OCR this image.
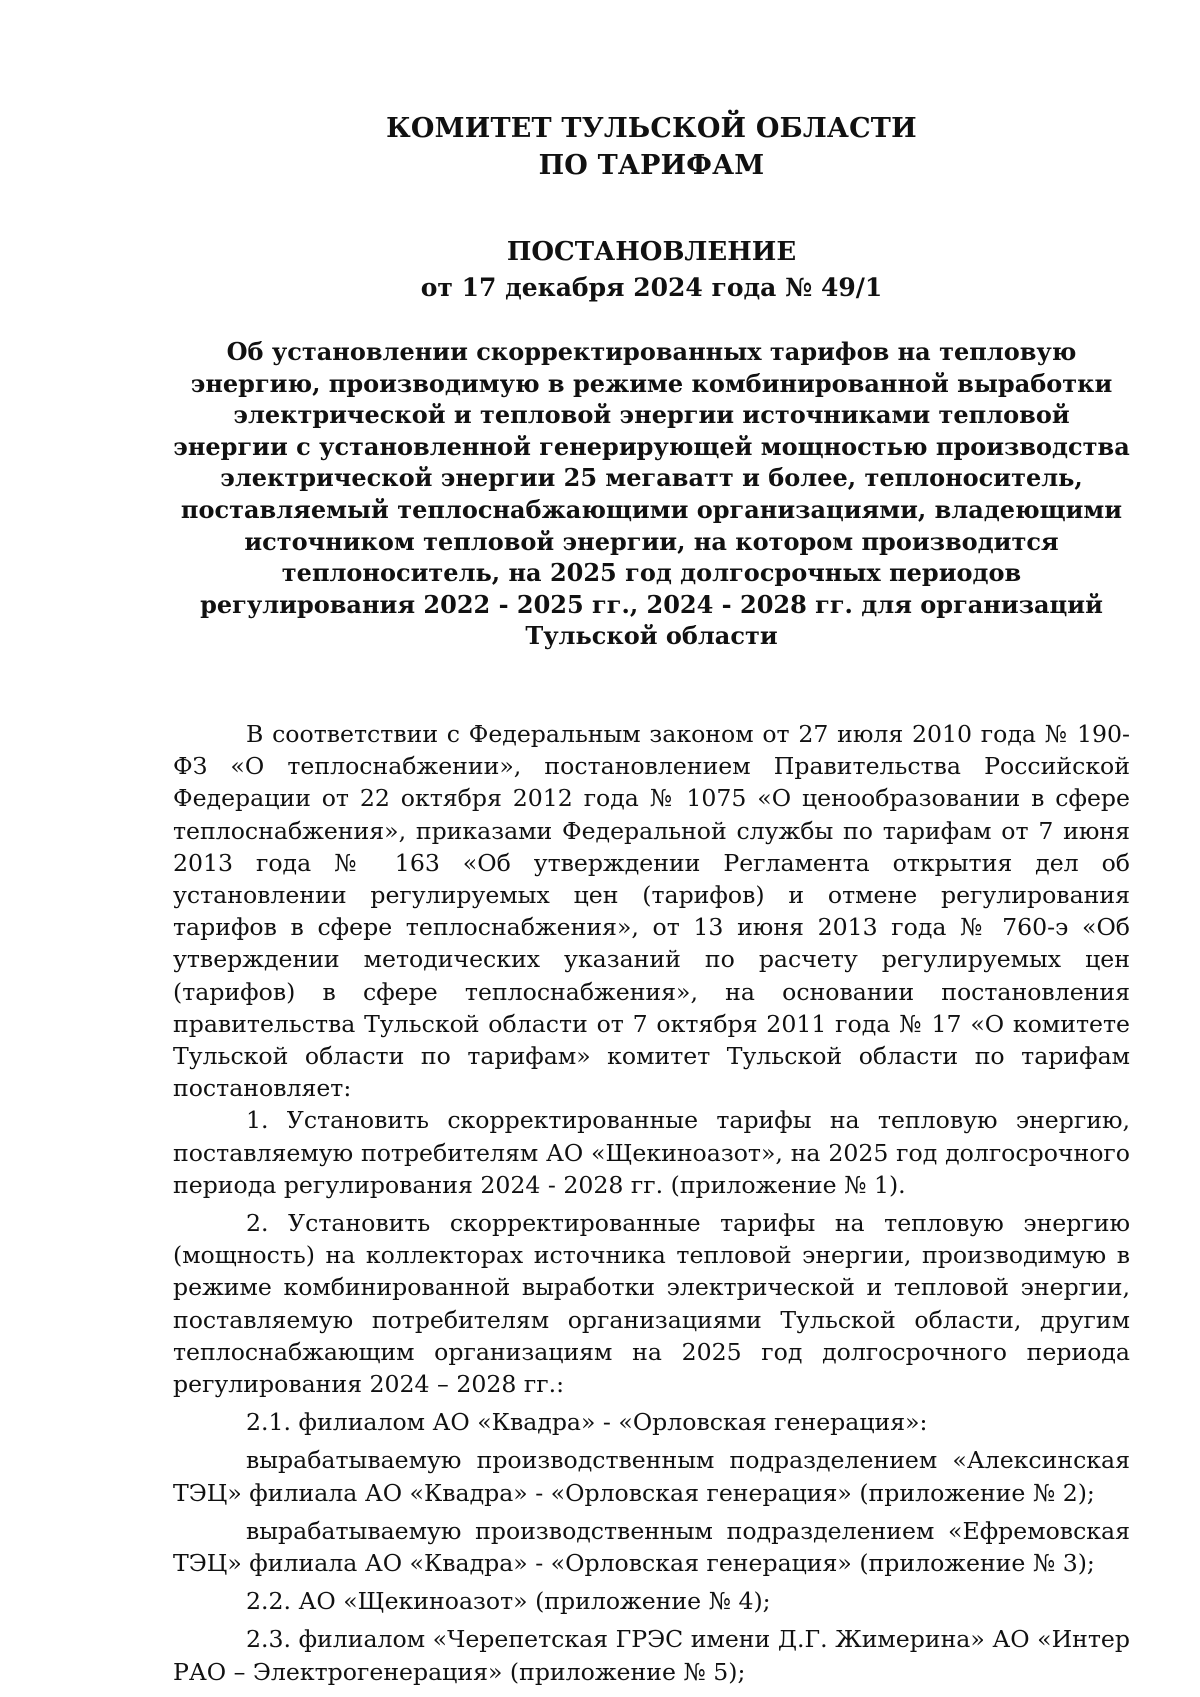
КОМИТЕТ ТУЛЬСКОЙ ОБЛАСТИ
ПО ТАРИФАМ
ПОСТАНОВЛЕНИЕ
от 17 декабря 2024 года № 49/1
Об установлении скорректированных тарифов на тепловую энергию, производимую в режиме комбинированной выработки электрической и тепловой энергии источниками тепловой энергии с установленной генерирующей мощностью производства электрической энергии 25 мегаватт и более, теплоноситель, поставляемый теплоснабжающими организациями, владеющими источником тепловой энергии, на котором производится теплоноситель, на 2025 год долгосрочных периодов регулирования 2022 - 2025 гг., 2024 - 2028 гг. для организаций Тульской области

В соответствии с Федеральным законом от 27 июля 2010 года № 190-ФЗ «О теплоснабжении», постановлением Правительства Российской Федерации от 22 октября 2012 года № 1075 «О ценообразовании в сфере теплоснабжения», приказами Федеральной службы по тарифам от 7 июня 2013 года № 163 «Об утверждении Регламента открытия дел об установлении регулируемых цен (тарифов) и отмене регулирования тарифов в сфере теплоснабжения», от 13 июня 2013 года № 760-э «Об утверждении методических указаний по расчету регулируемых цен (тарифов) в сфере теплоснабжения», на основании постановления правительства Тульской области от 7 октября 2011 года № 17 «О комитете Тульской области по тарифам» комитет Тульской области по тарифам постановляет:

1. Установить скорректированные тарифы на тепловую энергию, поставляемую потребителям АО «Щекиноазот», на 2025 год долгосрочного периода регулирования 2024 - 2028 гг. (приложение № 1).

2. Установить скорректированные тарифы на тепловую энергию (мощность) на коллекторах источника тепловой энергии, производимую в режиме комбинированной выработки электрической и тепловой энергии, поставляемую потребителям организациями Тульской области, другим теплоснабжающим организациям на 2025 год долгосрочного периода регулирования 2024 – 2028 гг.:

2.1. филиалом АО «Квадра» - «Орловская генерация»:

вырабатываемую производственным подразделением «Алексинская ТЭЦ» филиала АО «Квадра» - «Орловская генерация» (приложение № 2);

вырабатываемую производственным подразделением «Ефремовская ТЭЦ» филиала АО «Квадра» - «Орловская генерация» (приложение № 3);

2.2. АО «Щекиноазот» (приложение № 4);

2.3. филиалом «Черепетская ГРЭС имени Д.Г. Жимерина» АО «Интер РАО – Электрогенерация» (приложение № 5);
